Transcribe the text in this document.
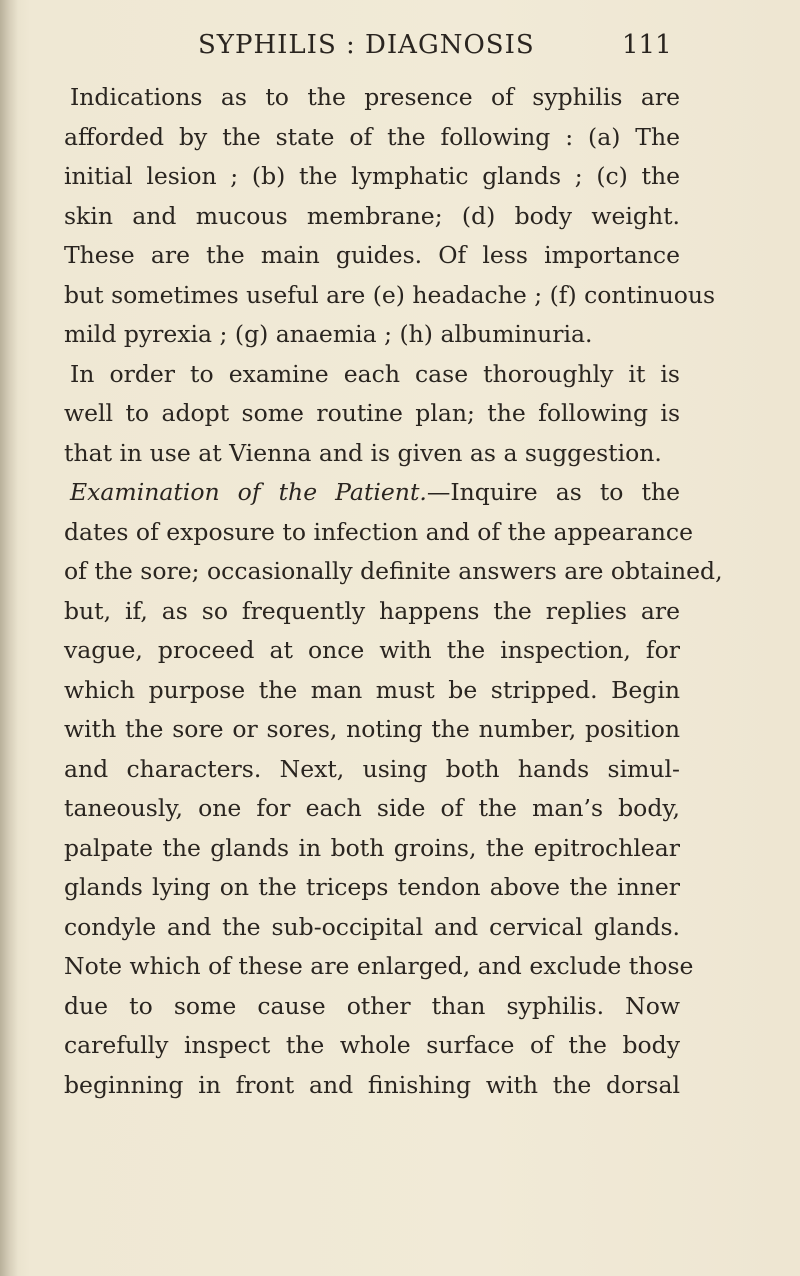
SYPHILIS : DIAGNOSIS	111
Indications as to the presence of syphilis are
afforded by the state of the following : (a) The
initial lesion ; (b) the lymphatic glands ; (c) the
skin and mucous membrane; (d) body weight.
These are the main guides. Of less importance
but sometimes useful are (e) headache ; (f) continuous
mild pyrexia ; (g) anaemia ; (h) albuminuria.
In order to examine each case thoroughly it is
well to adopt some routine plan; the following is
that in use at Vienna and is given as a suggestion.
Examination of the Patient.—Inquire as to the
dates of exposure to infection and of the appearance
of the sore; occasionally definite answers are obtained,
but, if, as so frequently happens the replies are
vague, proceed at once with the inspection, for
which purpose the man must be stripped. Begin
with the sore or sores, noting the number, position
and characters. Next, using both hands simul-
taneously, one for each side of the man’s body,
palpate the glands in both groins, the epitrochlear
glands lying on the triceps tendon above the inner
condyle and the sub-occipital and cervical glands.
Note which of these are enlarged, and exclude those
due to some cause other than syphilis. Now
carefully inspect the whole surface of the body
beginning in front and finishing with the dorsal
